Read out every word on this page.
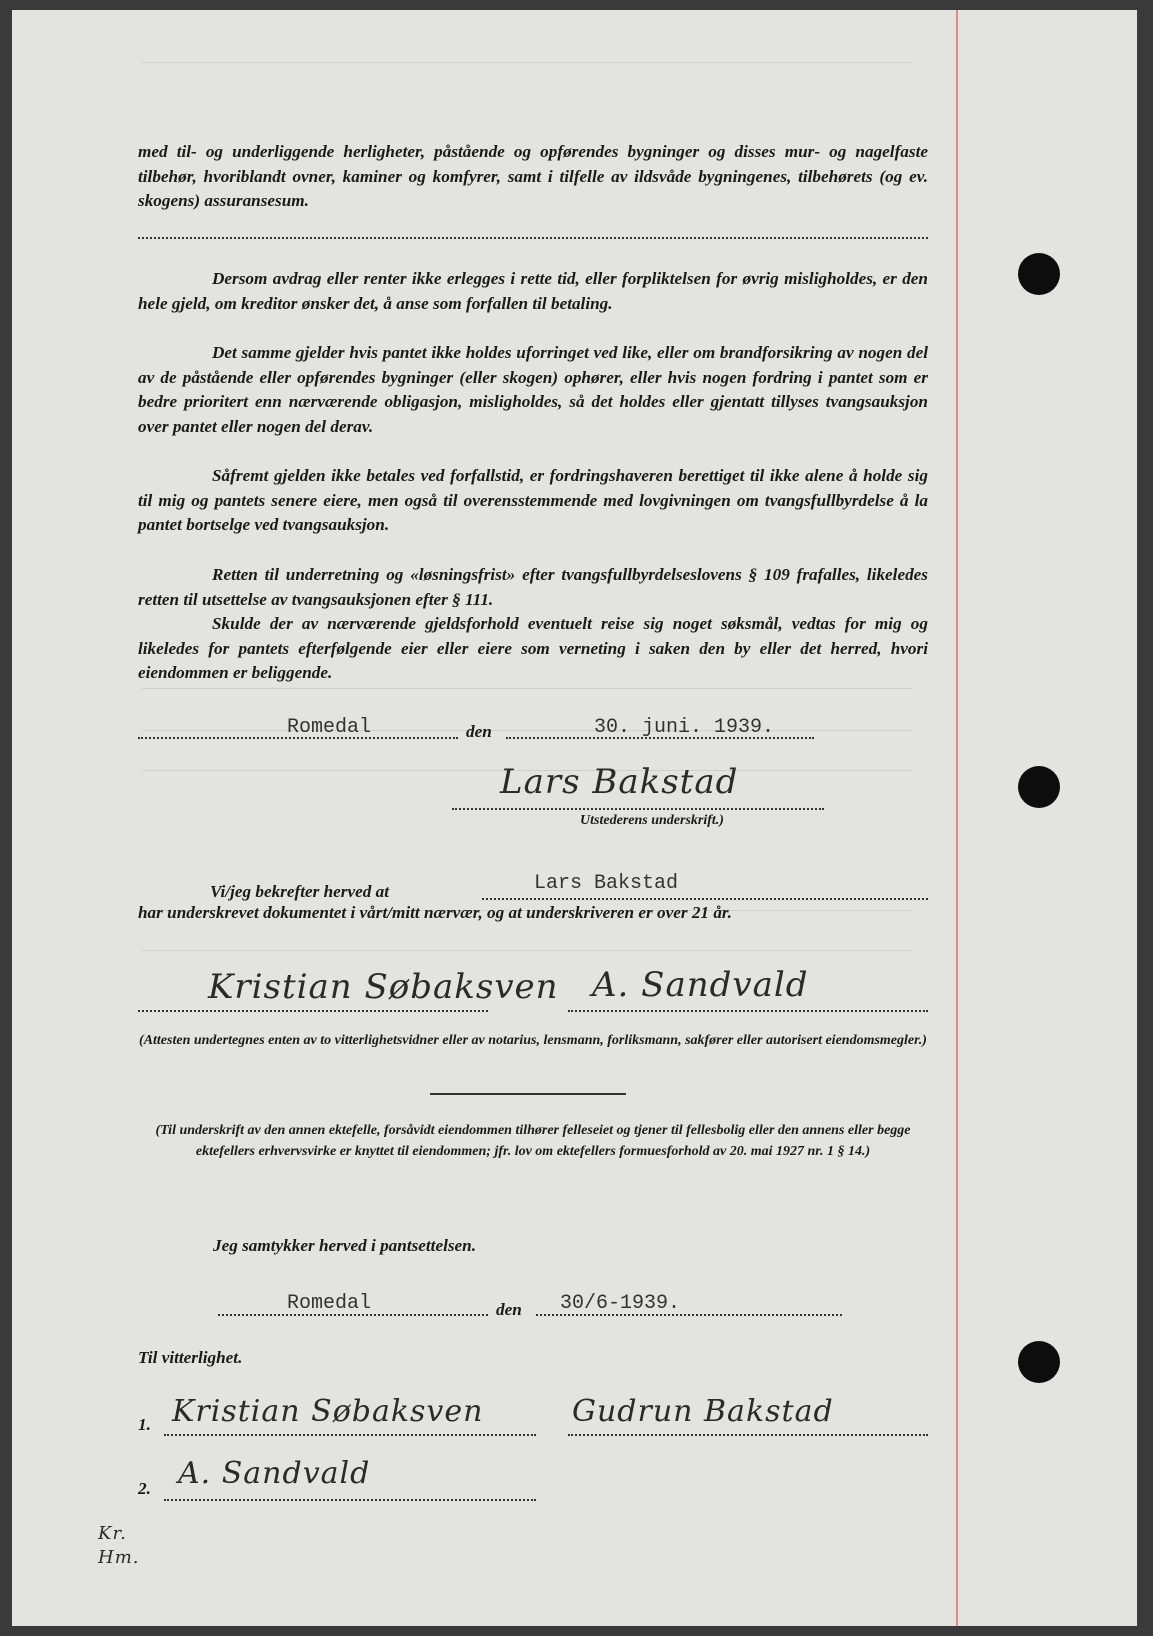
med til- og underliggende herligheter, påstående og opførendes bygninger og disses mur- og nagelfaste tilbehør, hvoriblandt ovner, kaminer og komfyrer, samt i tilfelle av ildsvåde bygningenes, tilbehørets (og ev. skogens) assuransesum.

Dersom avdrag eller renter ikke erlegges i rette tid, eller forpliktelsen for øvrig misligholdes, er den hele gjeld, om kreditor ønsker det, å anse som forfallen til betaling.

Det samme gjelder hvis pantet ikke holdes uforringet ved like, eller om brandforsikring av nogen del av de påstående eller opførendes bygninger (eller skogen) ophører, eller hvis nogen fordring i pantet som er bedre prioritert enn nærværende obligasjon, misligholdes, så det holdes eller gjentatt tillyses tvangsauksjon over pantet eller nogen del derav.

Såfremt gjelden ikke betales ved forfallstid, er fordringshaveren berettiget til ikke alene å holde sig til mig og pantets senere eiere, men også til overensstemmende med lovgivningen om tvangsfullbyrdelse å la pantet bortselge ved tvangsauksjon.

Retten til underretning og «løsningsfrist» efter tvangsfullbyrdelseslovens § 109 frafalles, likeledes retten til utsettelse av tvangsauksjonen efter § 111.

Skulde der av nærværende gjeldsforhold eventuelt reise sig noget søksmål, vedtas for mig og likeledes for pantets efterfølgende eier eller eiere som verneting i saken den by eller det herred, hvori eiendommen er beliggende.

Romedal	den	30. juni. 1939.
Lars Bakstad
Utstederens underskrift.)
Vi/jeg bekrefter herved at	Lars Bakstad

har underskrevet dokumentet i vårt/mitt nærvær, og at underskriveren er over 21 år.

Kristian Søbaksven A. Sandvald
(Attesten undertegnes enten av to vitterlighetsvidner eller av notarius, lensmann, forliksmann, sakfører eller autorisert eiendomsmegler.)
(Til underskrift av den annen ektefelle, forsåvidt eiendommen tilhører felleseiet og tjener til fellesbolig eller den annens eller begge ektefellers erhvervsvirke er knyttet til eiendommen; jfr. lov om ektefellers formuesforhold av 20. mai 1927 nr. 1 § 14.)
Jeg samtykker herved i pantsettelsen.
Romedal	den 30/6-1939.
Til vitterlighet.
1. Kristian Søbaksven	Gudrun Bakstad
2. A. Sandvald
Kr. Hm.
